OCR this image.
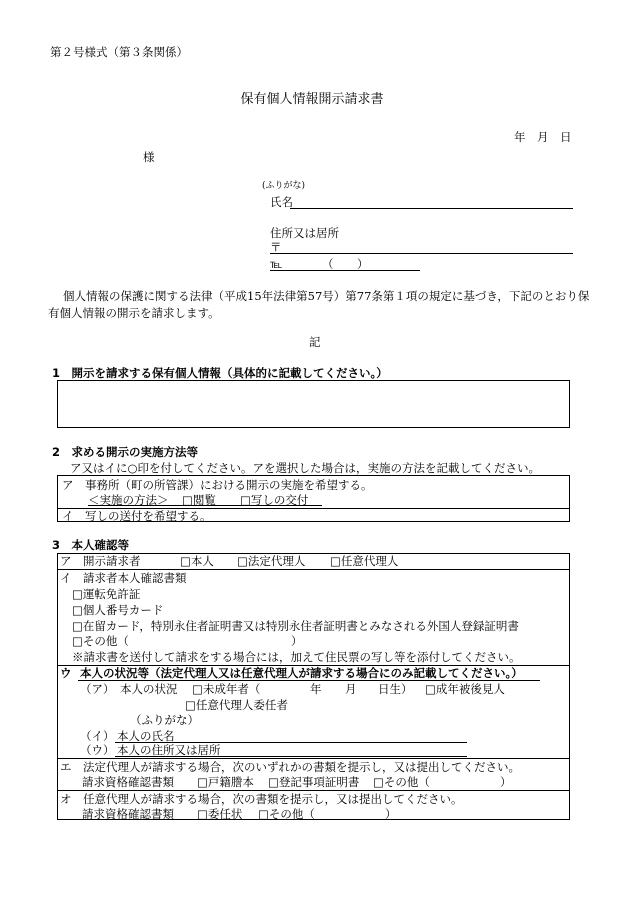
第２号様式（第３条関係）
保有個人情報開示請求書
年　月　日
様
(ふりがな)
氏名
住所又は居所
〒
℡	（ ）
個人情報の保護に関する法律（平成15年法律第57号）第77条第１項の規定に基づき，下記のとおり保
有個人情報の開示を請求します。
記
1　開示を請求する保有個人情報（具体的に記載してください。）
2　求める開示の実施方法等
ア又はイに○印を付してください。アを選択した場合は，実施の方法を記載してください。
ア　事務所（町の所管課）における開示の実施を希望する。
＜実施の方法＞ □閲覧 □写しの交付
イ　写しの送付を希望する。
3　本人確認等
ア　開示請求者	□本人 □法定代理人 □任意代理人
イ　請求者本人確認書類
□運転免許証
□個人番号カード
□在留カード，特別永住者証明書又は特別永住者証明書とみなされる外国人登録証明書
□その他（	）
※請求書を送付して請求をする場合には，加えて住民票の写し等を添付してください。
ウ 本人の状況等（法定代理人又は任意代理人が請求する場合にのみ記載してください。）
（ア） 本人の状況 □未成年者（	年 月 日生） □成年被後見人
□任意代理人委任者
（ふりがな）
（イ） 本人の氏名
（ウ） 本人の住所又は居所
エ　法定代理人が請求する場合，次のいずれかの書類を提示し，又は提出してください。
請求資格確認書類 □戸籍謄本 □登記事項証明書 □その他（	）
オ　任意代理人が請求する場合，次の書類を提示し，又は提出してください。
請求資格確認書類 □委任状 □その他（	）
